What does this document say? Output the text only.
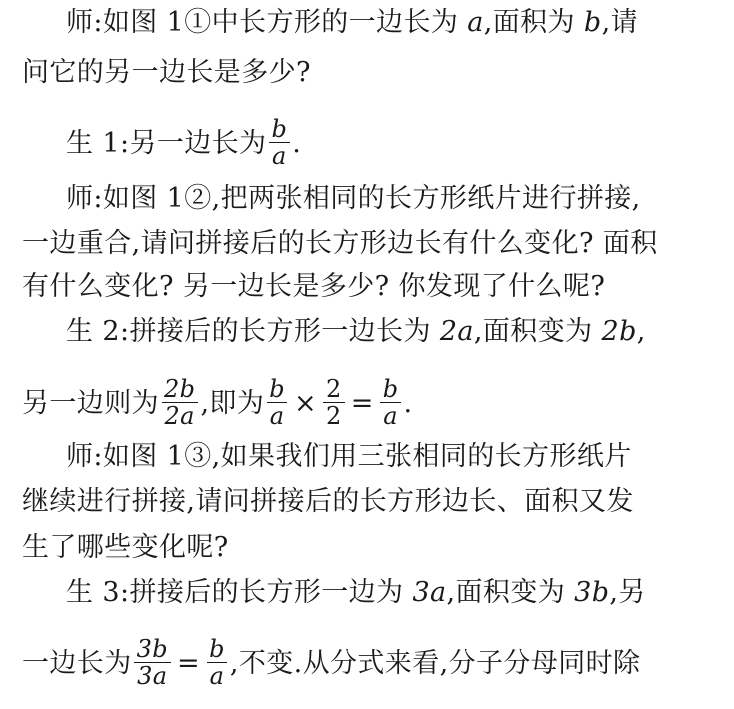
师:如图 1①中长方形的一边长为 a,面积为 b,请
问它的另一边长是多少?
生 1:另一边长为 $\frac{b}{a}$ .
师:如图 1②,把两张相同的长方形纸片进行拼接,
一边重合,请问拼接后的长方形边长有什么变化? 面积
有什么变化? 另一边长是多少? 你发现了什么呢?
生 2:拼接后的长方形一边长为 2a,面积变为 2b,
另一边则为 $\frac{2b}{2a}$ ,即为 $\frac{b}{a} \times \frac{2}{2} = \frac{b}{a}$ .
师:如图 1③,如果我们用三张相同的长方形纸片
继续进行拼接,请问拼接后的长方形边长、面积又发
生了哪些变化呢?
生 3:拼接后的长方形一边为 3a,面积变为 3b,另
一边长为 $\frac{3b}{3a} = \frac{b}{a}$ ,不变.从分式来看,分子分母同时除
